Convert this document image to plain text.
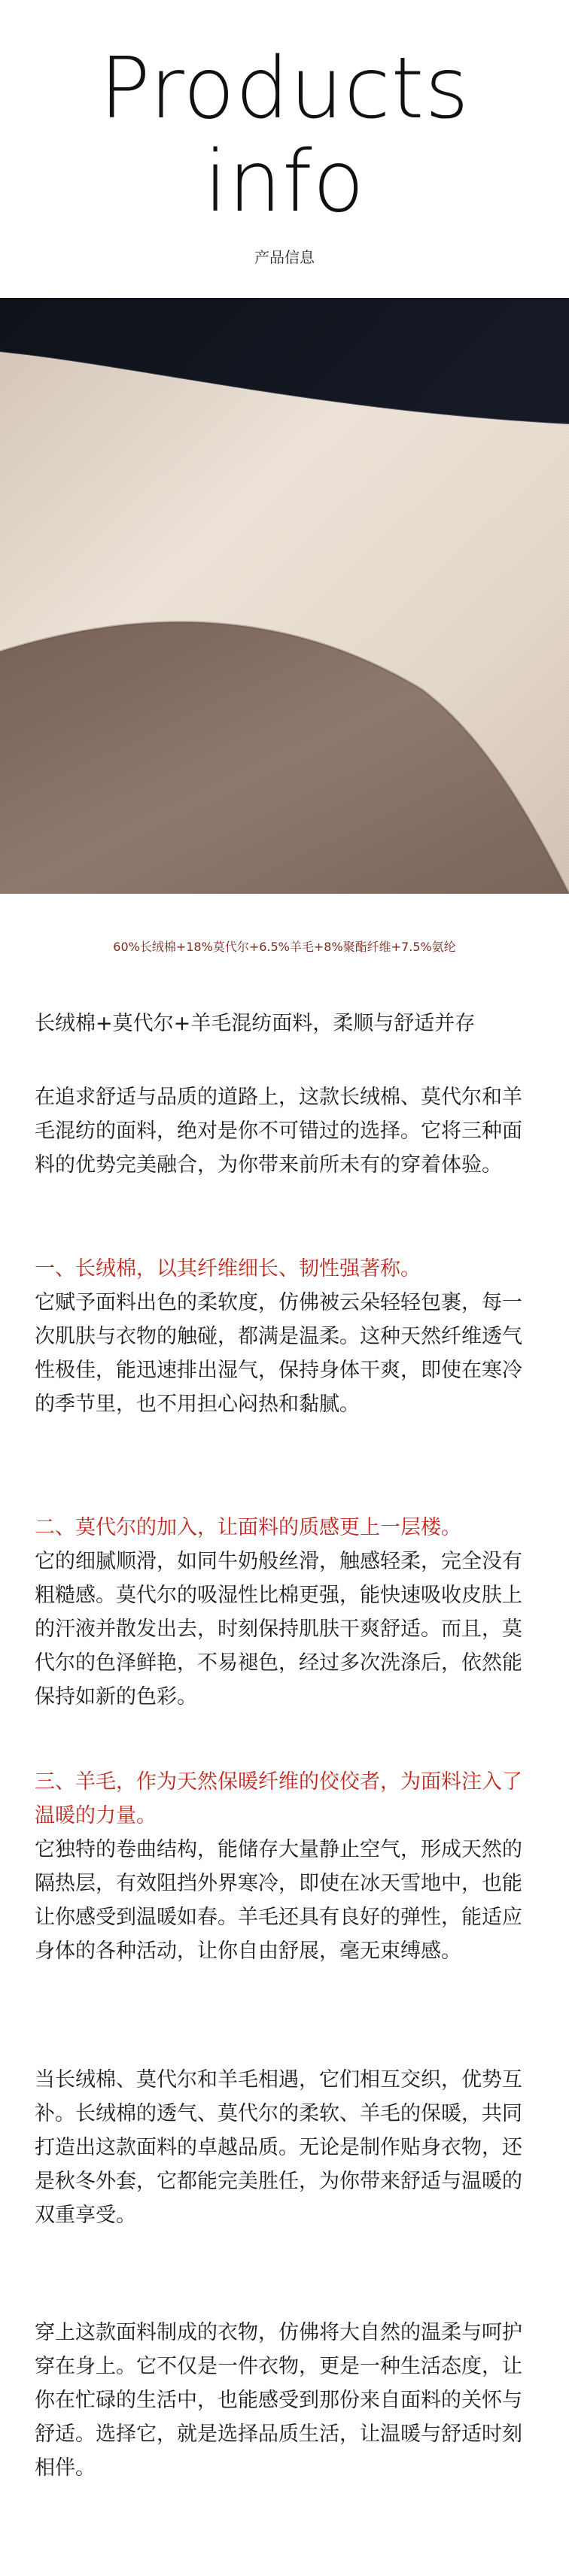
Products
info
产品信息
60%长绒棉+18%莫代尔+6.5%羊毛+8%聚酯纤维+7.5%氨纶

长绒棉+莫代尔+羊毛混纺面料，柔顺与舒适并存

在追求舒适与品质的道路上，这款长绒棉、莫代尔和羊毛混纺的面料，绝对是你不可错过的选择。它将三种面料的优势完美融合，为你带来前所未有的穿着体验。

一、长绒棉，以其纤维细长、韧性强著称。

它赋予面料出色的柔软度，仿佛被云朵轻轻包裹，每一次肌肤与衣物的触碰，都满是温柔。这种天然纤维透气性极佳，能迅速排出湿气，保持身体干爽，即使在寒冷的季节里，也不用担心闷热和黏腻。

二、莫代尔的加入，让面料的质感更上一层楼。

它的细腻顺滑，如同牛奶般丝滑，触感轻柔，完全没有粗糙感。莫代尔的吸湿性比棉更强，能快速吸收皮肤上的汗液并散发出去，时刻保持肌肤干爽舒适。而且，莫代尔的色泽鲜艳，不易褪色，经过多次洗涤后，依然能保持如新的色彩。

三、羊毛，作为天然保暖纤维的佼佼者，为面料注入了温暖的力量。

它独特的卷曲结构，能储存大量静止空气，形成天然的隔热层，有效阻挡外界寒冷，即使在冰天雪地中，也能让你感受到温暖如春。羊毛还具有良好的弹性，能适应身体的各种活动，让你自由舒展，毫无束缚感。

当长绒棉、莫代尔和羊毛相遇，它们相互交织，优势互补。长绒棉的透气、莫代尔的柔软、羊毛的保暖，共同打造出这款面料的卓越品质。无论是制作贴身衣物，还是秋冬外套，它都能完美胜任，为你带来舒适与温暖的双重享受。

穿上这款面料制成的衣物，仿佛将大自然的温柔与呵护穿在身上。它不仅是一件衣物，更是一种生活态度，让你在忙碌的生活中，也能感受到那份来自面料的关怀与舒适。选择它，就是选择品质生活，让温暖与舒适时刻相伴。
